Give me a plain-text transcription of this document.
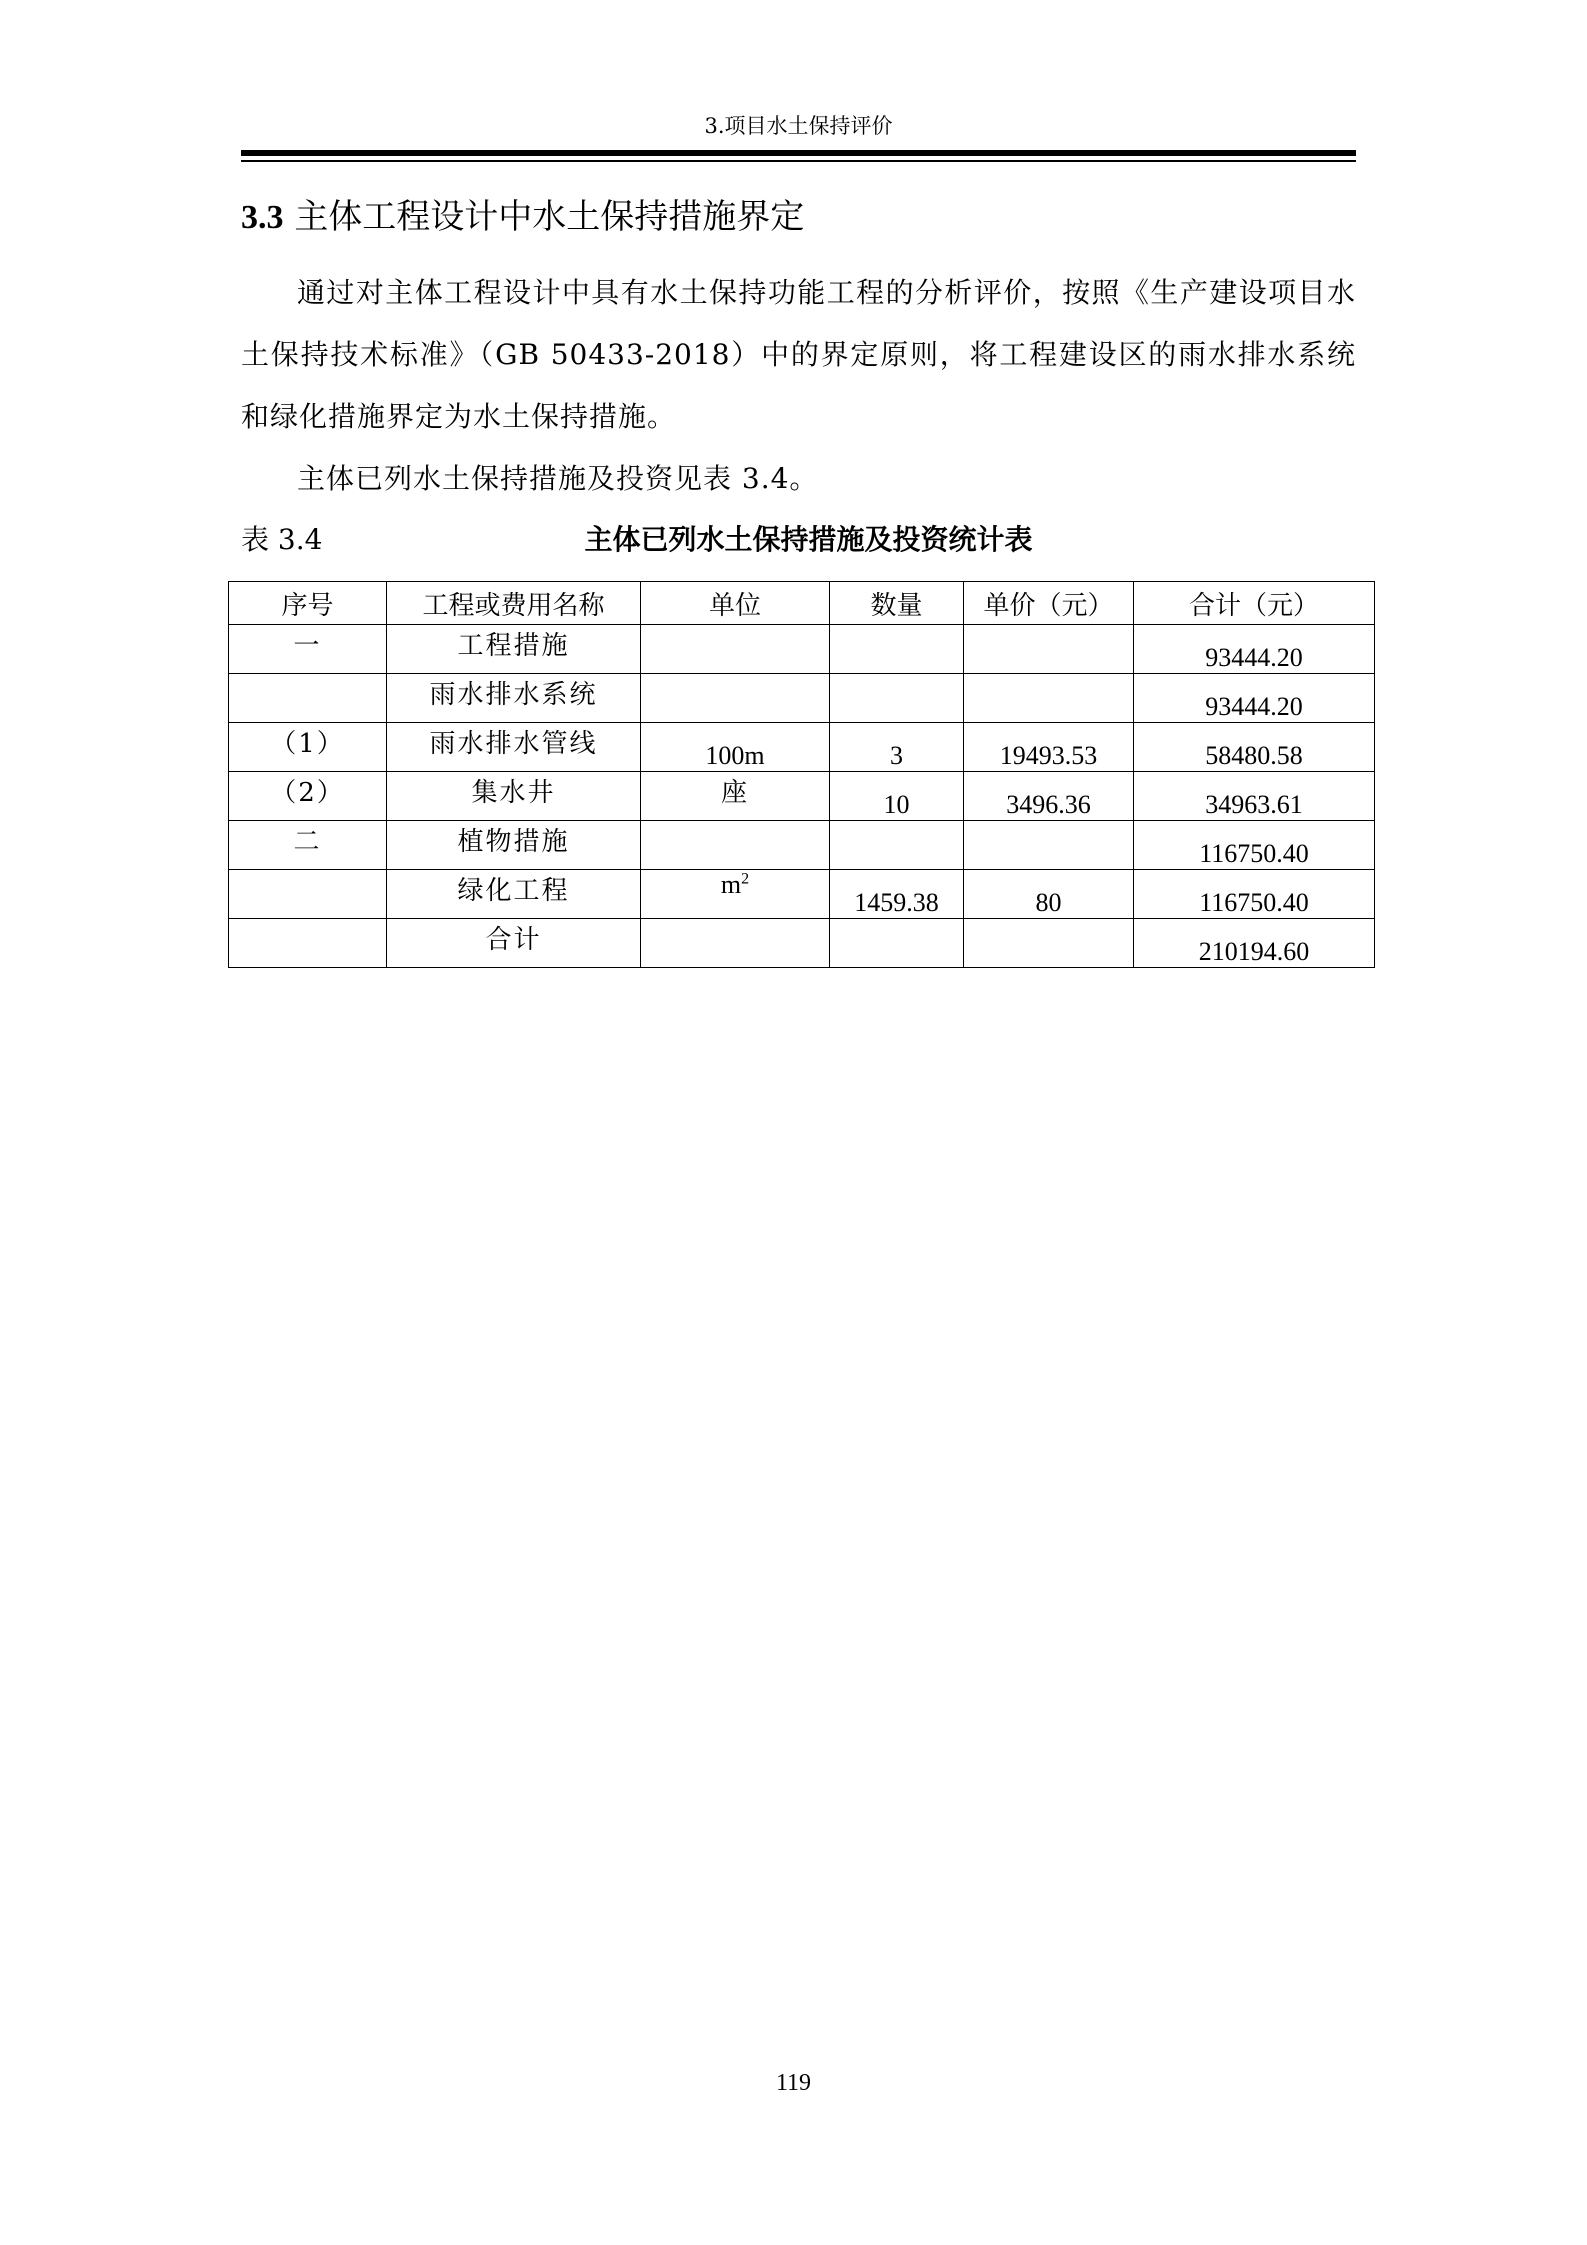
3.项目水土保持评价
3.3 主体工程设计中水土保持措施界定

通过对主体工程设计中具有水土保持功能工程的分析评价，按照《生产建设项目水土保持技术标准》（GB 50433-2018）中的界定原则，将工程建设区的雨水排水系统和绿化措施界定为水土保持措施。

主体已列水土保持措施及投资见表 3.4。

表 3.4	主体已列水土保持措施及投资统计表
序号	工程或费用名称	单位	数量	单价（元）	合计（元）
一	工程措施				93444.20
	雨水排水系统				93444.20
（1）	雨水排水管线	100m	3	19493.53	58480.58
（2）	集水井	座	10	3496.36	34963.61
二	植物措施				116750.40
	绿化工程	$m^2$	1459.38	80	116750.40
	合计				210194.60
119
